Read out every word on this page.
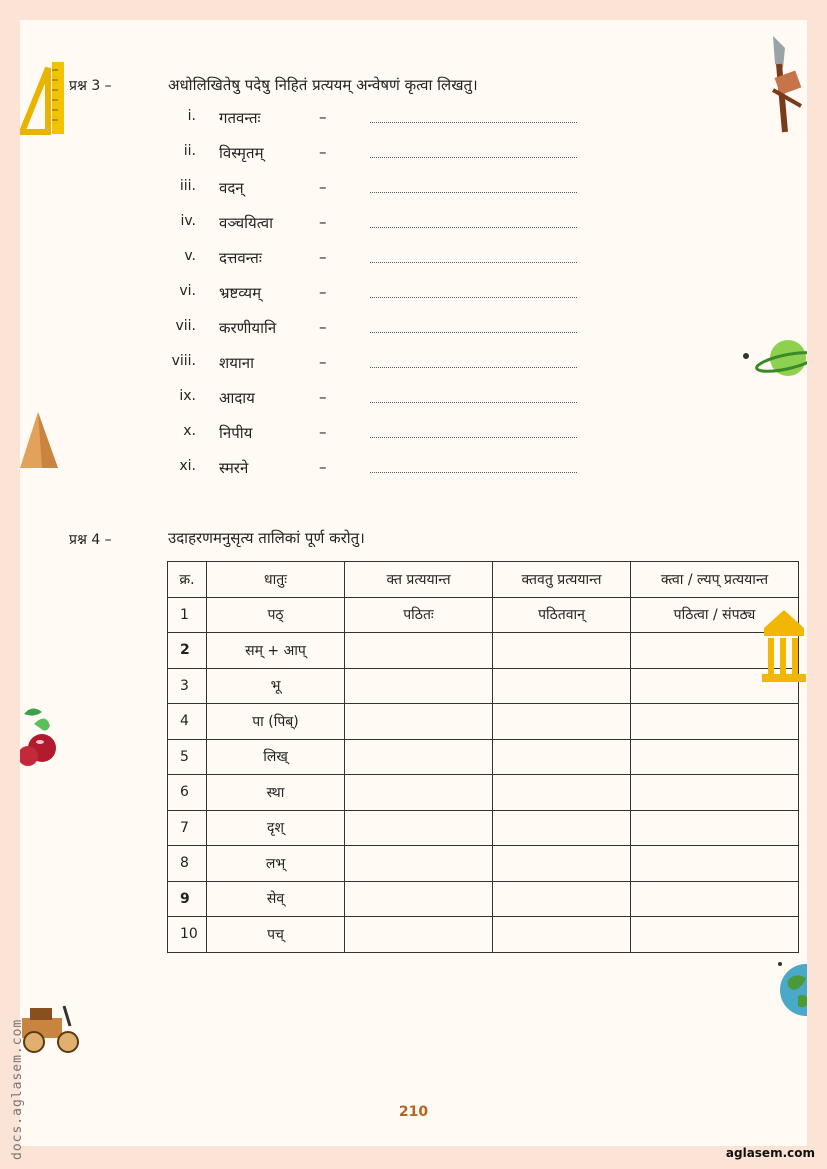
प्रश्न 3 –	अधोलिखितेषु पदेषु निहितं प्रत्ययम् अन्वेषणं कृत्वा लिखतु।
i. गतवन्तः	–
ii. विस्मृतम्	–
iii. वदन्	–
iv. वञ्चयित्वा	–
v. दत्तवन्तः	–
vi. भ्रष्टव्यम्	–
vii. करणीयानि	–
viii. शयाना	–
ix. आदाय	–
x. निपीय	–
xi. स्मरने	–
प्रश्न 4 –	उदाहरणमनुसृत्य तालिकां पूर्ण करोतु।
क्र.	धातुः	क्त प्रत्ययान्त	क्तवतु प्रत्ययान्त	क्त्वा / ल्यप् प्रत्ययान्त
1	पठ्	पठितः	पठितवान्	पठित्वा / संपठ्य
2	सम् + आप्			
3	भू			
4	पा (पिब्)			
5	लिख्			
6	स्था			
7	दृश्			
8	लभ्			
9	सेव्			
10	पच्			
210
aglasem.com
docs.aglasem.com
